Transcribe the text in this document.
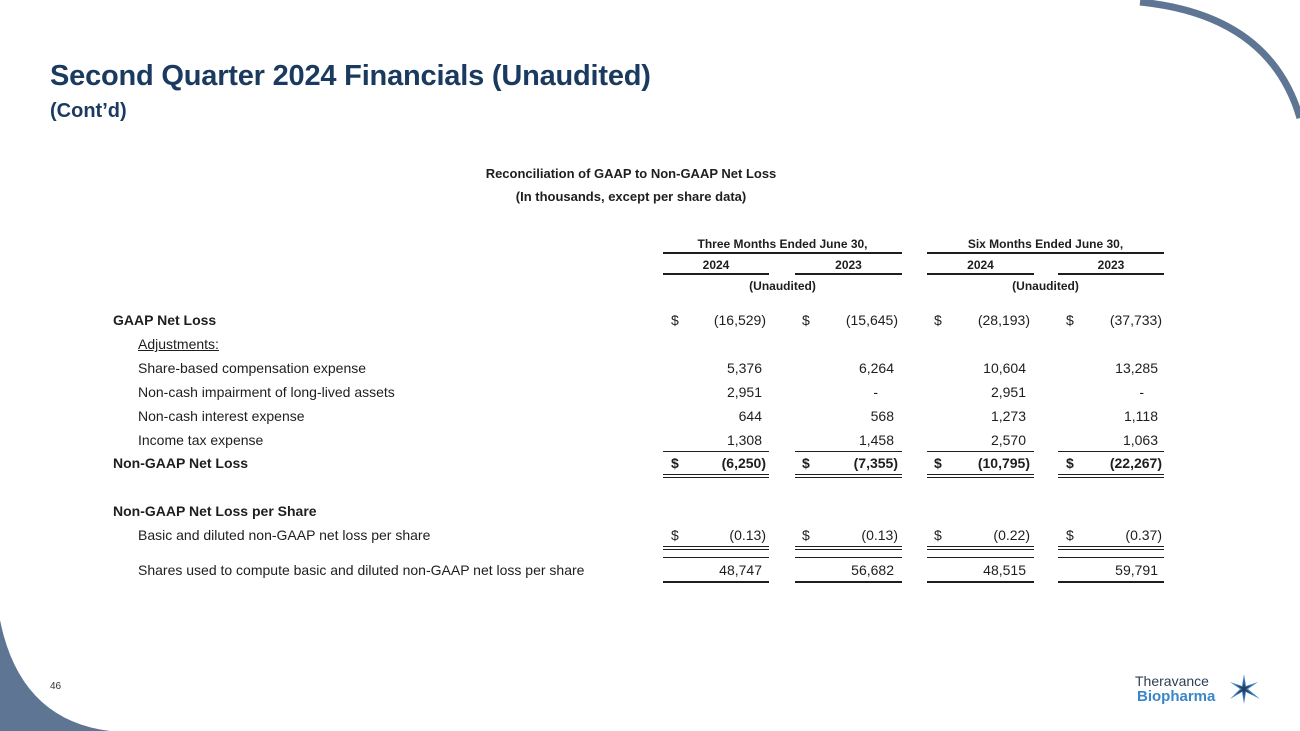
Second Quarter 2024 Financials (Unaudited)
(Cont’d)
Reconciliation of GAAP to Non-GAAP Net Loss
(In thousands, except per share data)
Three Months Ended June 30,	Six Months Ended June 30,
2024	2023	2024	2023
(Unaudited)	(Unaudited)
GAAP Net Loss	$	(16,529)	$	(15,645)	$	(28,193)	$	(37,733)
Adjustments:
Share-based compensation expense	5,376	6,264	10,604	13,285
Non-cash impairment of long-lived assets	2,951	-	2,951	-
Non-cash interest expense	644	568	1,273	1,118
Income tax expense	1,308	1,458	2,570	1,063
Non-GAAP Net Loss	$	(6,250)	$	(7,355)	$	(10,795)	$	(22,267)
Non-GAAP Net Loss per Share
Basic and diluted non-GAAP net loss per share	$	(0.13)	$	(0.13)	$	(0.22)	$	(0.37)
Shares used to compute basic and diluted non-GAAP net loss per share	48,747	56,682	48,515	59,791
46	Theravance
Biopharma
